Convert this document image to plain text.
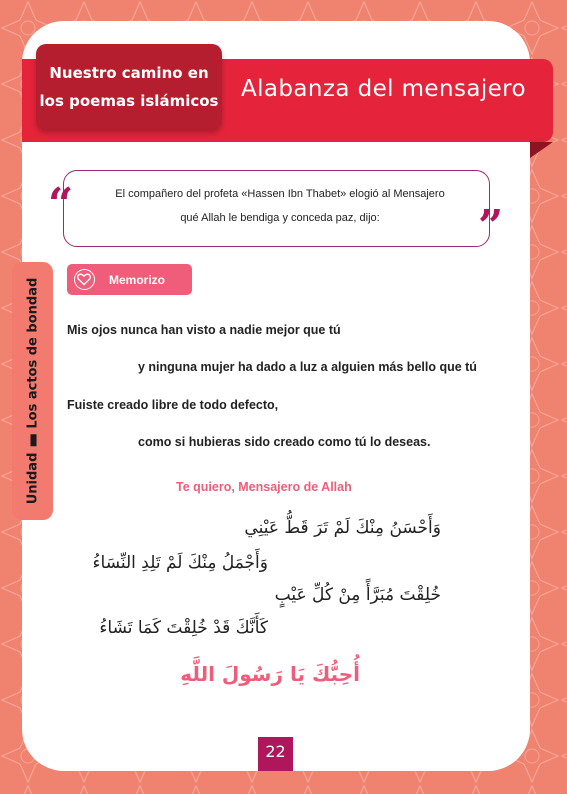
UnidadLos actos de bondad
Nuestro camino en
los poemas islámicos Alabanza del mensajero
“	”
El compañero del profeta «Hassen Ibn Thabet» elogió al Mensajero
qué Allah le bendiga y conceda paz, dijo:
Memorizo
Mis ojos nunca han visto a nadie mejor que tú
y ninguna mujer ha dado a luz a alguien más bello que tú
Fuiste creado libre de todo defecto,
como si hubieras sido creado como tú lo deseas.
Te quiero, Mensajero de Allah
وَأَحْسَنُ مِنْكَ لَمْ تَرَ قَطُّ عَيْنِي
وَأَجْمَلُ مِنْكَ لَمْ تَلِدِ النِّسَاءُ
خُلِقْتَ مُبَرَّأً مِنْ كُلِّ عَيْبٍ
كَأَنَّكَ قَدْ خُلِقْتَ كَمَا تَشَاءُ
أُحِبُّكَ يَا رَسُولَ اللَّهِ
22
